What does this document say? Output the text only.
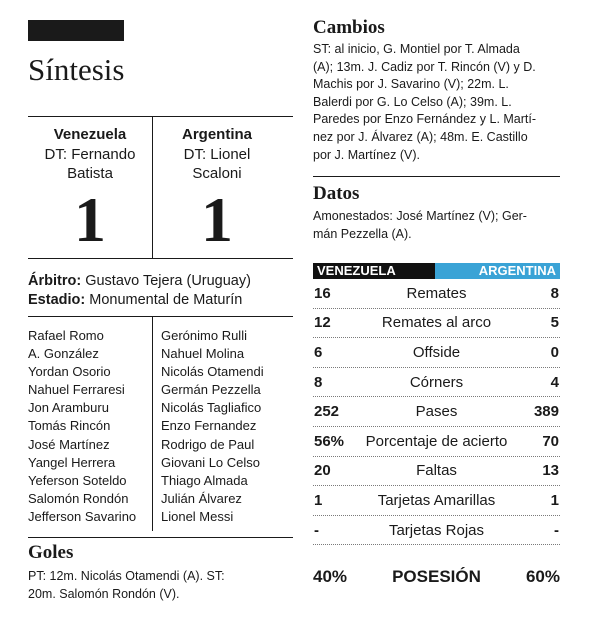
Síntesis
Venezuela
DT: Fernando
Batista
Argentina
DT: Lionel
Scaloni
1	1
Árbitro: Gustavo Tejera (Uruguay)
Estadio: Monumental de Maturín
Rafael Romo
A. González
Yordan Osorio
Nahuel Ferraresi
Jon Aramburu
Tomás Rincón
José Martínez
Yangel Herrera
Yeferson Soteldo
Salomón Rondón
Jefferson Savarino
Gerónimo Rulli
Nahuel Molina
Nicolás Otamendi
Germán Pezzella
Nicolás Tagliafico
Enzo Fernandez
Rodrigo de Paul
Giovani Lo Celso
Thiago Almada
Julián Álvarez
Lionel Messi
Goles
PT: 12m. Nicolás Otamendi (A). ST:
20m. Salomón Rondón (V).
Cambios
ST: al inicio, G. Montiel por T. Almada
(A); 13m. J. Cadiz por T. Rincón (V) y D.
Machis por J. Savarino (V); 22m. L.
Balerdi por G. Lo Celso (A); 39m. L.
Paredes por Enzo Fernández y L. Martí-
nez por J. Álvarez (A); 48m. E. Castillo
por J. Martínez (V).
Datos
Amonestados: José Martínez (V); Ger-
mán Pezzella (A).
VENEZUELA	ARGENTINA
16	Remates	8
12	Remates al arco	5
6	Offside	0
8	Córners	4
252	Pases	389
56%	Porcentaje de acierto	70
20	Faltas	13
1	Tarjetas Amarillas	1
-	Tarjetas Rojas	-
40%	POSESIÓN	60%
